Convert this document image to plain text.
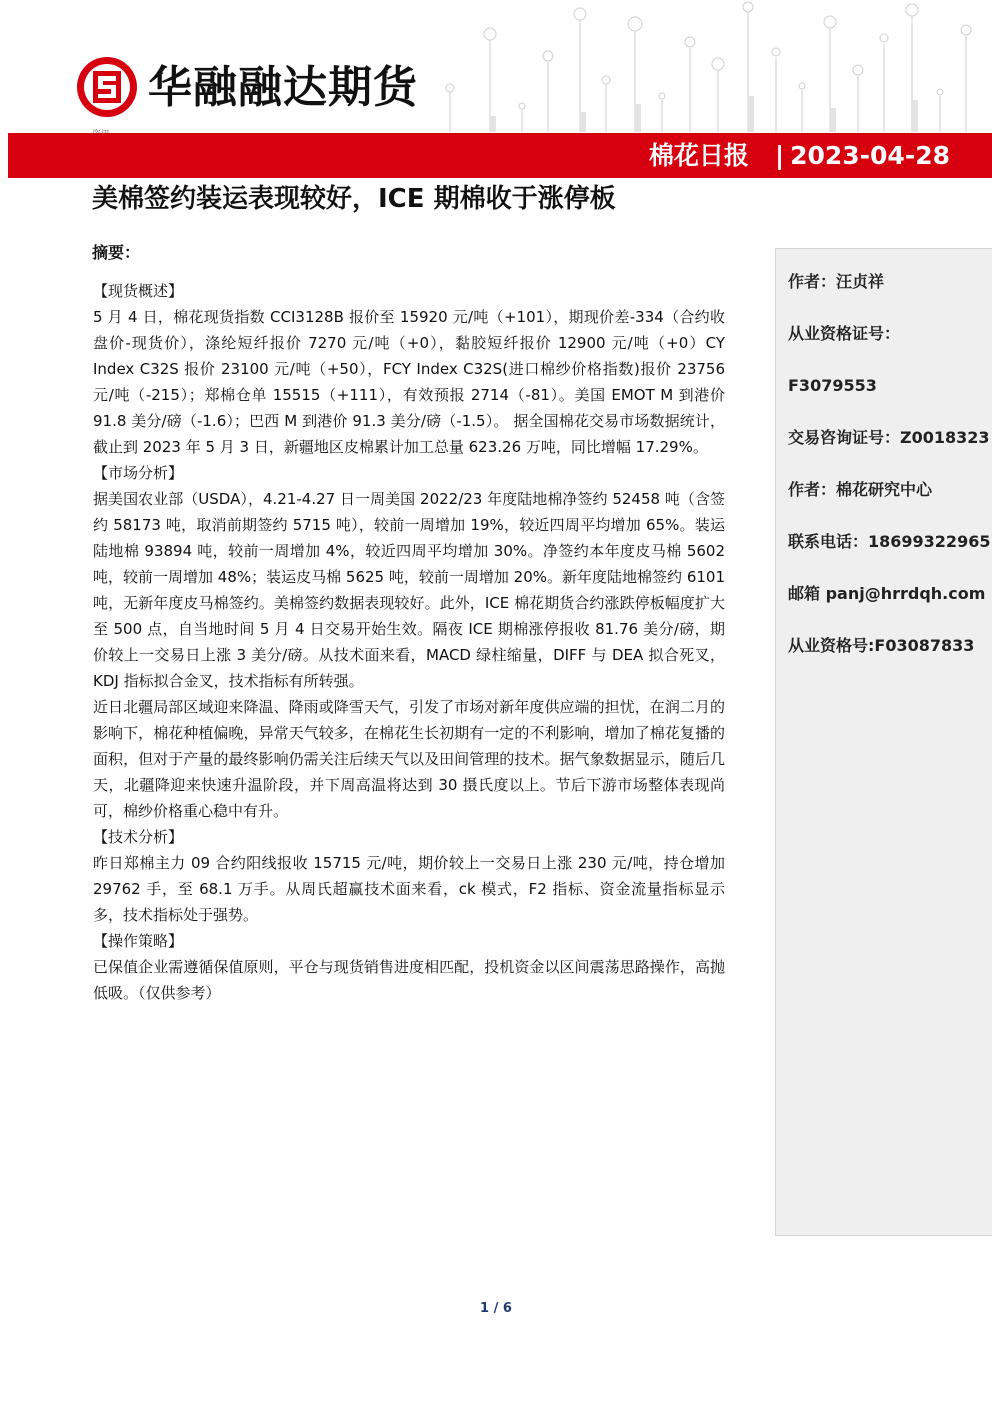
华融融达期货
棉花日报 | 2023-04-28
美棉签约装运表现较好，ICE 期棉收于涨停板
摘要：

【现货概述】

5 月 4 日，棉花现货指数 CCI3128B 报价至 15920 元/吨（+101），期现价差-334（合约收盘价-现货价），涤纶短纤报价 7270 元/吨（+0），黏胶短纤报价 12900 元/吨（+0）CY Index C32S 报价 23100 元/吨（+50），FCY Index C32S(进口棉纱价格指数)报价 23756 元/吨（-215）；郑棉仓单 15515（+111），有效预报 2714（-81）。美国 EMOT M 到港价 91.8 美分/磅（-1.6）；巴西 M 到港价 91.3 美分/磅（-1.5）。 据全国棉花交易市场数据统计，截止到 2023 年 5 月 3 日，新疆地区皮棉累计加工总量 623.26 万吨，同比增幅 17.29%。

【市场分析】

据美国农业部（USDA），4.21-4.27 日一周美国 2022/23 年度陆地棉净签约 52458 吨（含签约 58173 吨，取消前期签约 5715 吨），较前一周增加 19%，较近四周平均增加 65%。装运陆地棉 93894 吨，较前一周增加 4%，较近四周平均增加 30%。净签约本年度皮马棉 5602 吨，较前一周增加 48%；装运皮马棉 5625 吨，较前一周增加 20%。新年度陆地棉签约 6101 吨，无新年度皮马棉签约。美棉签约数据表现较好。此外，ICE 棉花期货合约涨跌停板幅度扩大至 500 点，自当地时间 5 月 4 日交易开始生效。隔夜 ICE 期棉涨停报收 81.76 美分/磅，期价较上一交易日上涨 3 美分/磅。从技术面来看，MACD 绿柱缩量，DIFF 与 DEA 拟合死叉，KDJ 指标拟合金叉，技术指标有所转强。

近日北疆局部区域迎来降温、降雨或降雪天气，引发了市场对新年度供应端的担忧，在润二月的影响下，棉花种植偏晚，异常天气较多，在棉花生长初期有一定的不利影响，增加了棉花复播的面积，但对于产量的最终影响仍需关注后续天气以及田间管理的技术。据气象数据显示，随后几天，北疆降迎来快速升温阶段，并下周高温将达到 30 摄氏度以上。节后下游市场整体表现尚可，棉纱价格重心稳中有升。

【技术分析】

昨日郑棉主力 09 合约阳线报收 15715 元/吨，期价较上一交易日上涨 230 元/吨，持仓增加 29762 手，至 68.1 万手。从周氏超赢技术面来看，ck 模式，F2 指标、资金流量指标显示多，技术指标处于强势。

【操作策略】

已保值企业需遵循保值原则，平仓与现货销售进度相匹配，投机资金以区间震荡思路操作，高抛低吸。（仅供参考）

作者：汪贞祥
从业资格证号：
F3079553
交易咨询证号：Z0018323
作者：棉花研究中心
联系电话：18699322965
邮箱 panj@hrrdqh.com
从业资格号:F03087833
1 / 6
